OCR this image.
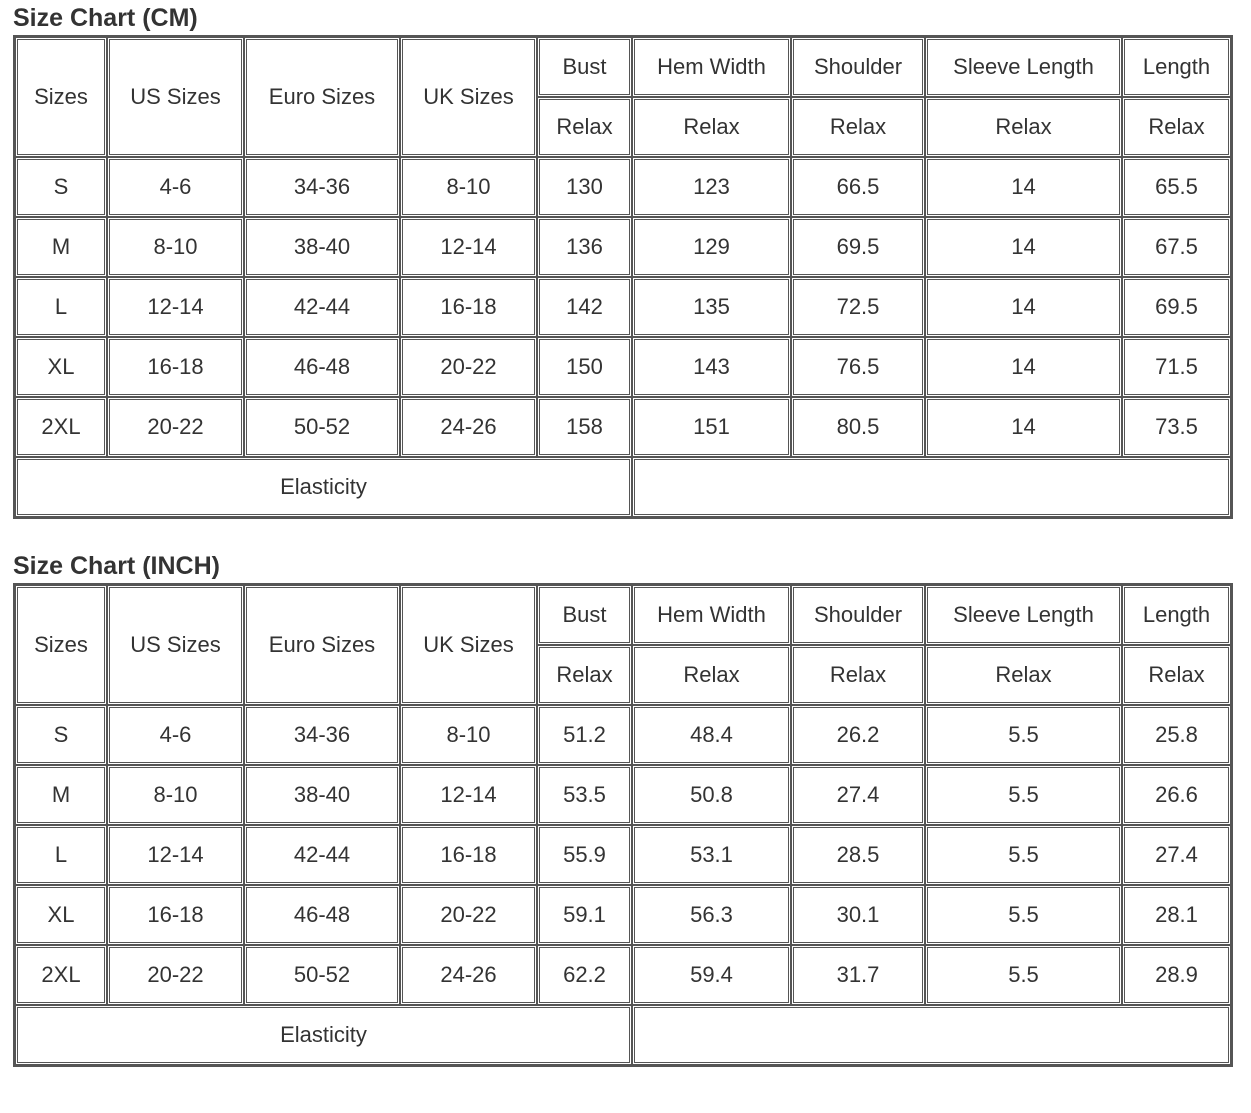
Size Chart (CM)
Sizes	US Sizes	Euro Sizes	UK Sizes	Bust	Hem Width	Shoulder	Sleeve Length	Length
				Relax	Relax	Relax	Relax	Relax
S	4-6	34-36	8-10	130	123	66.5	14	65.5
M	8-10	38-40	12-14	136	129	69.5	14	67.5
L	12-14	42-44	16-18	142	135	72.5	14	69.5
XL	16-18	46-48	20-22	150	143	76.5	14	71.5
2XL	20-22	50-52	24-26	158	151	80.5	14	73.5
Elasticity								
Size Chart (INCH)
Sizes	US Sizes	Euro Sizes	UK Sizes	Bust	Hem Width	Shoulder	Sleeve Length	Length
				Relax	Relax	Relax	Relax	Relax
S	4-6	34-36	8-10	51.2	48.4	26.2	5.5	25.8
M	8-10	38-40	12-14	53.5	50.8	27.4	5.5	26.6
L	12-14	42-44	16-18	55.9	53.1	28.5	5.5	27.4
XL	16-18	46-48	20-22	59.1	56.3	30.1	5.5	28.1
2XL	20-22	50-52	24-26	62.2	59.4	31.7	5.5	28.9
Elasticity								
